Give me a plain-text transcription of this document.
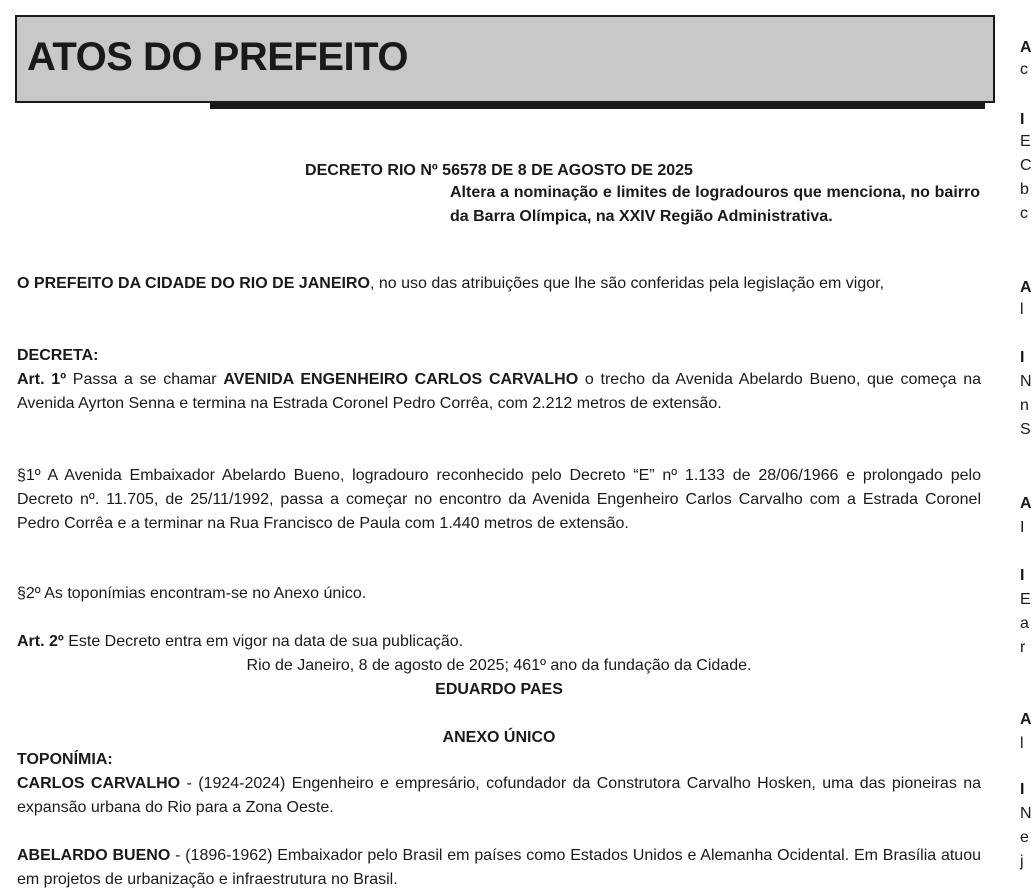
ATOS DO PREFEITO
DECRETO RIO Nº 56578 DE 8 DE AGOSTO DE 2025
Altera a nominação e limites de logradouros que menciona, no bairro da Barra Olímpica, na XXIV Região Administrativa.
O PREFEITO DA CIDADE DO RIO DE JANEIRO, no uso das atribuições que lhe são conferidas pela legislação em vigor,
DECRETA:
Art. 1º Passa a se chamar AVENIDA ENGENHEIRO CARLOS CARVALHO o trecho da Avenida Abelardo Bueno, que começa na Avenida Ayrton Senna e termina na Estrada Coronel Pedro Corrêa, com 2.212 metros de extensão.
§1º A Avenida Embaixador Abelardo Bueno, logradouro reconhecido pelo Decreto “E” nº 1.133 de 28/06/1966 e prolongado pelo Decreto nº. 11.705, de 25/11/1992, passa a começar no encontro da Avenida Engenheiro Carlos Carvalho com a Estrada Coronel Pedro Corrêa e a terminar na Rua Francisco de Paula com 1.440 metros de extensão.
§2º As toponímias encontram-se no Anexo único.
Art. 2º Este Decreto entra em vigor na data de sua publicação.
Rio de Janeiro, 8 de agosto de 2025; 461º ano da fundação da Cidade.
EDUARDO PAES
ANEXO ÚNICO
TOPONÍMIA:
CARLOS CARVALHO - (1924-2024) Engenheiro e empresário, cofundador da Construtora Carvalho Hosken, uma das pioneiras na expansão urbana do Rio para a Zona Oeste.
ABELARDO BUENO - (1896-1962) Embaixador pelo Brasil em países como Estados Unidos e Alemanha Ocidental. Em Brasília atuou em projetos de urbanização e infraestrutura no Brasil.
A
c
I
E
C
b
c
A
l
I
N
n
S
A
I
I
E
a
r
A
l
I
N
e
j
